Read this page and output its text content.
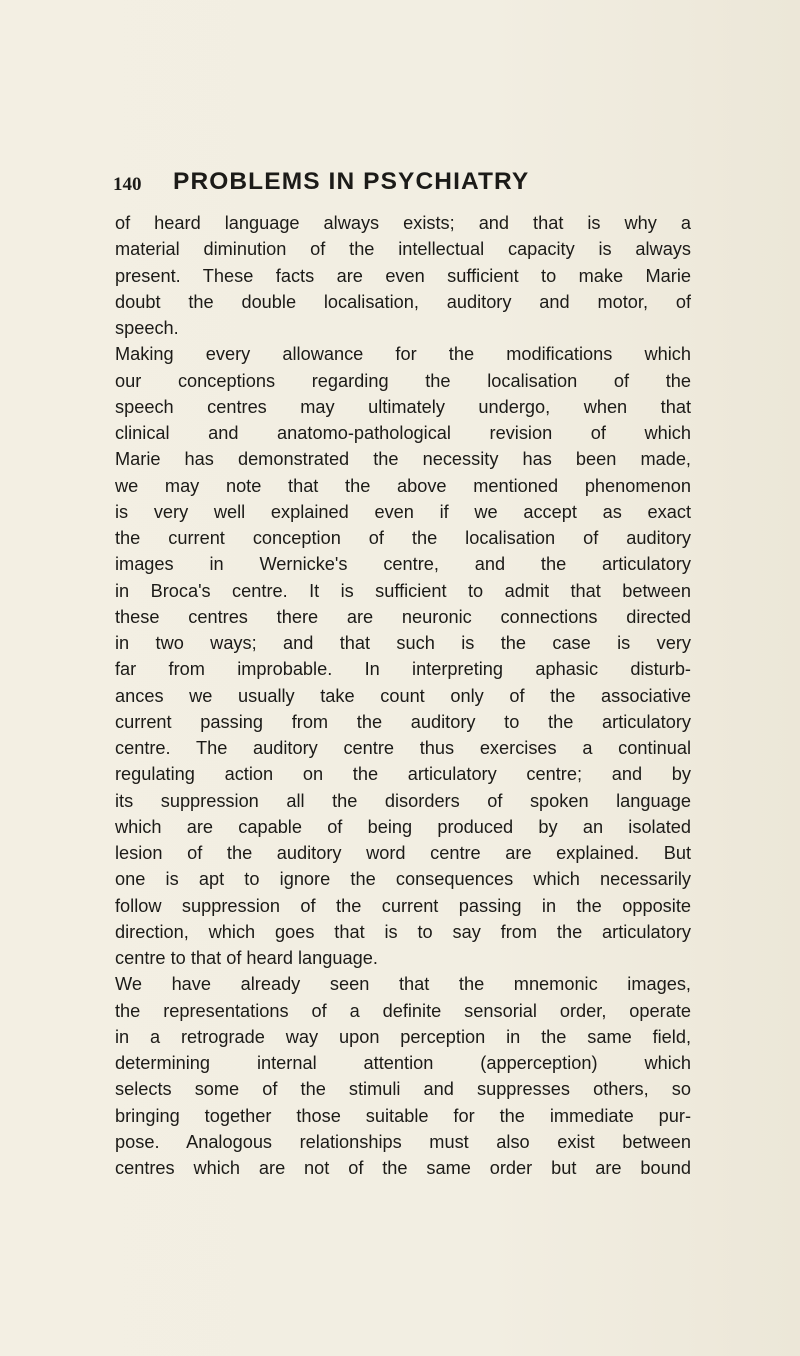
140 PROBLEMS IN PSYCHIATRY
of heard language always exists; and that is why a
material diminution of the intellectual capacity is always
present. These facts are even sufficient to make Marie
doubt the double localisation, auditory and motor, of
speech.
Making every allowance for the modifications which
our conceptions regarding the localisation of the
speech centres may ultimately undergo, when that
clinical and anatomo-pathological revision of which
Marie has demonstrated the necessity has been made,
we may note that the above mentioned phenomenon
is very well explained even if we accept as exact
the current conception of the localisation of auditory
images in Wernicke's centre, and the articulatory
in Broca's centre. It is sufficient to admit that between
these centres there are neuronic connections directed
in two ways; and that such is the case is very
far from improbable. In interpreting aphasic disturb-
ances we usually take count only of the associative
current passing from the auditory to the articulatory
centre. The auditory centre thus exercises a continual
regulating action on the articulatory centre; and by
its suppression all the disorders of spoken language
which are capable of being produced by an isolated
lesion of the auditory word centre are explained. But
one is apt to ignore the consequences which necessarily
follow suppression of the current passing in the opposite
direction, which goes that is to say from the articulatory
centre to that of heard language.
We have already seen that the mnemonic images,
the representations of a definite sensorial order, operate
in a retrograde way upon perception in the same field,
determining internal attention (apperception) which
selects some of the stimuli and suppresses others, so
bringing together those suitable for the immediate pur-
pose. Analogous relationships must also exist between
centres which are not of the same order but are bound
